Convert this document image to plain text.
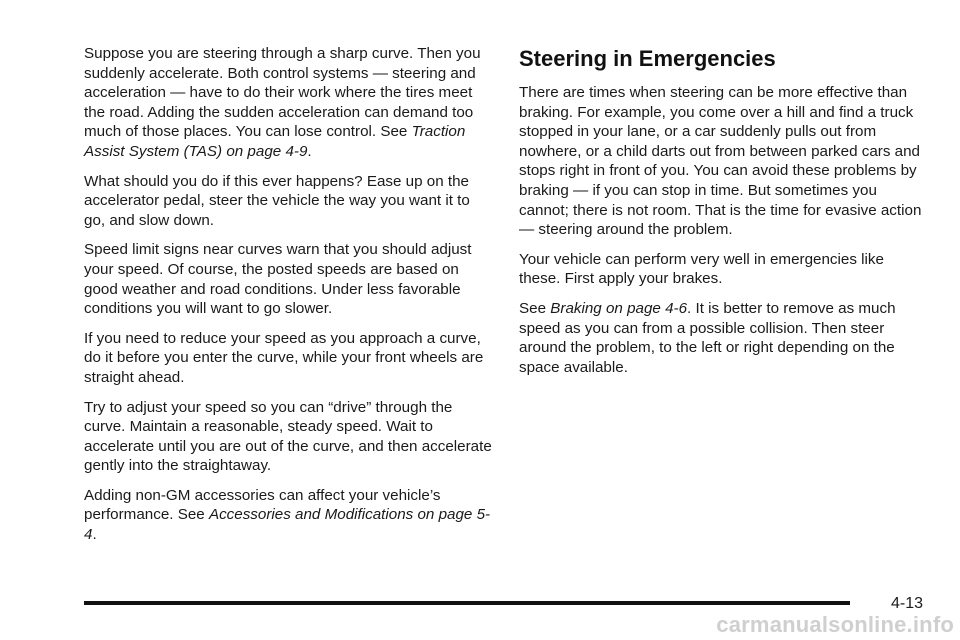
Suppose you are steering through a sharp curve. Then you suddenly accelerate. Both control systems — steering and acceleration — have to do their work where the tires meet the road. Adding the sudden acceleration can demand too much of those places. You can lose control. See Traction Assist System (TAS) on page 4-9.

What should you do if this ever happens? Ease up on the accelerator pedal, steer the vehicle the way you want it to go, and slow down.

Speed limit signs near curves warn that you should adjust your speed. Of course, the posted speeds are based on good weather and road conditions. Under less favorable conditions you will want to go slower.

If you need to reduce your speed as you approach a curve, do it before you enter the curve, while your front wheels are straight ahead.

Try to adjust your speed so you can “drive” through the curve. Maintain a reasonable, steady speed. Wait to accelerate until you are out of the curve, and then accelerate gently into the straightaway.

Adding non-GM accessories can affect your vehicle’s performance. See Accessories and Modifications on page 5-4.

Steering in Emergencies

There are times when steering can be more effective than braking. For example, you come over a hill and find a truck stopped in your lane, or a car suddenly pulls out from nowhere, or a child darts out from between parked cars and stops right in front of you. You can avoid these problems by braking — if you can stop in time. But sometimes you cannot; there is not room. That is the time for evasive action — steering around the problem.

Your vehicle can perform very well in emergencies like these. First apply your brakes.

See Braking on page 4-6. It is better to remove as much speed as you can from a possible collision. Then steer around the problem, to the left or right depending on the space available.

4-13
carmanualsonline.info
